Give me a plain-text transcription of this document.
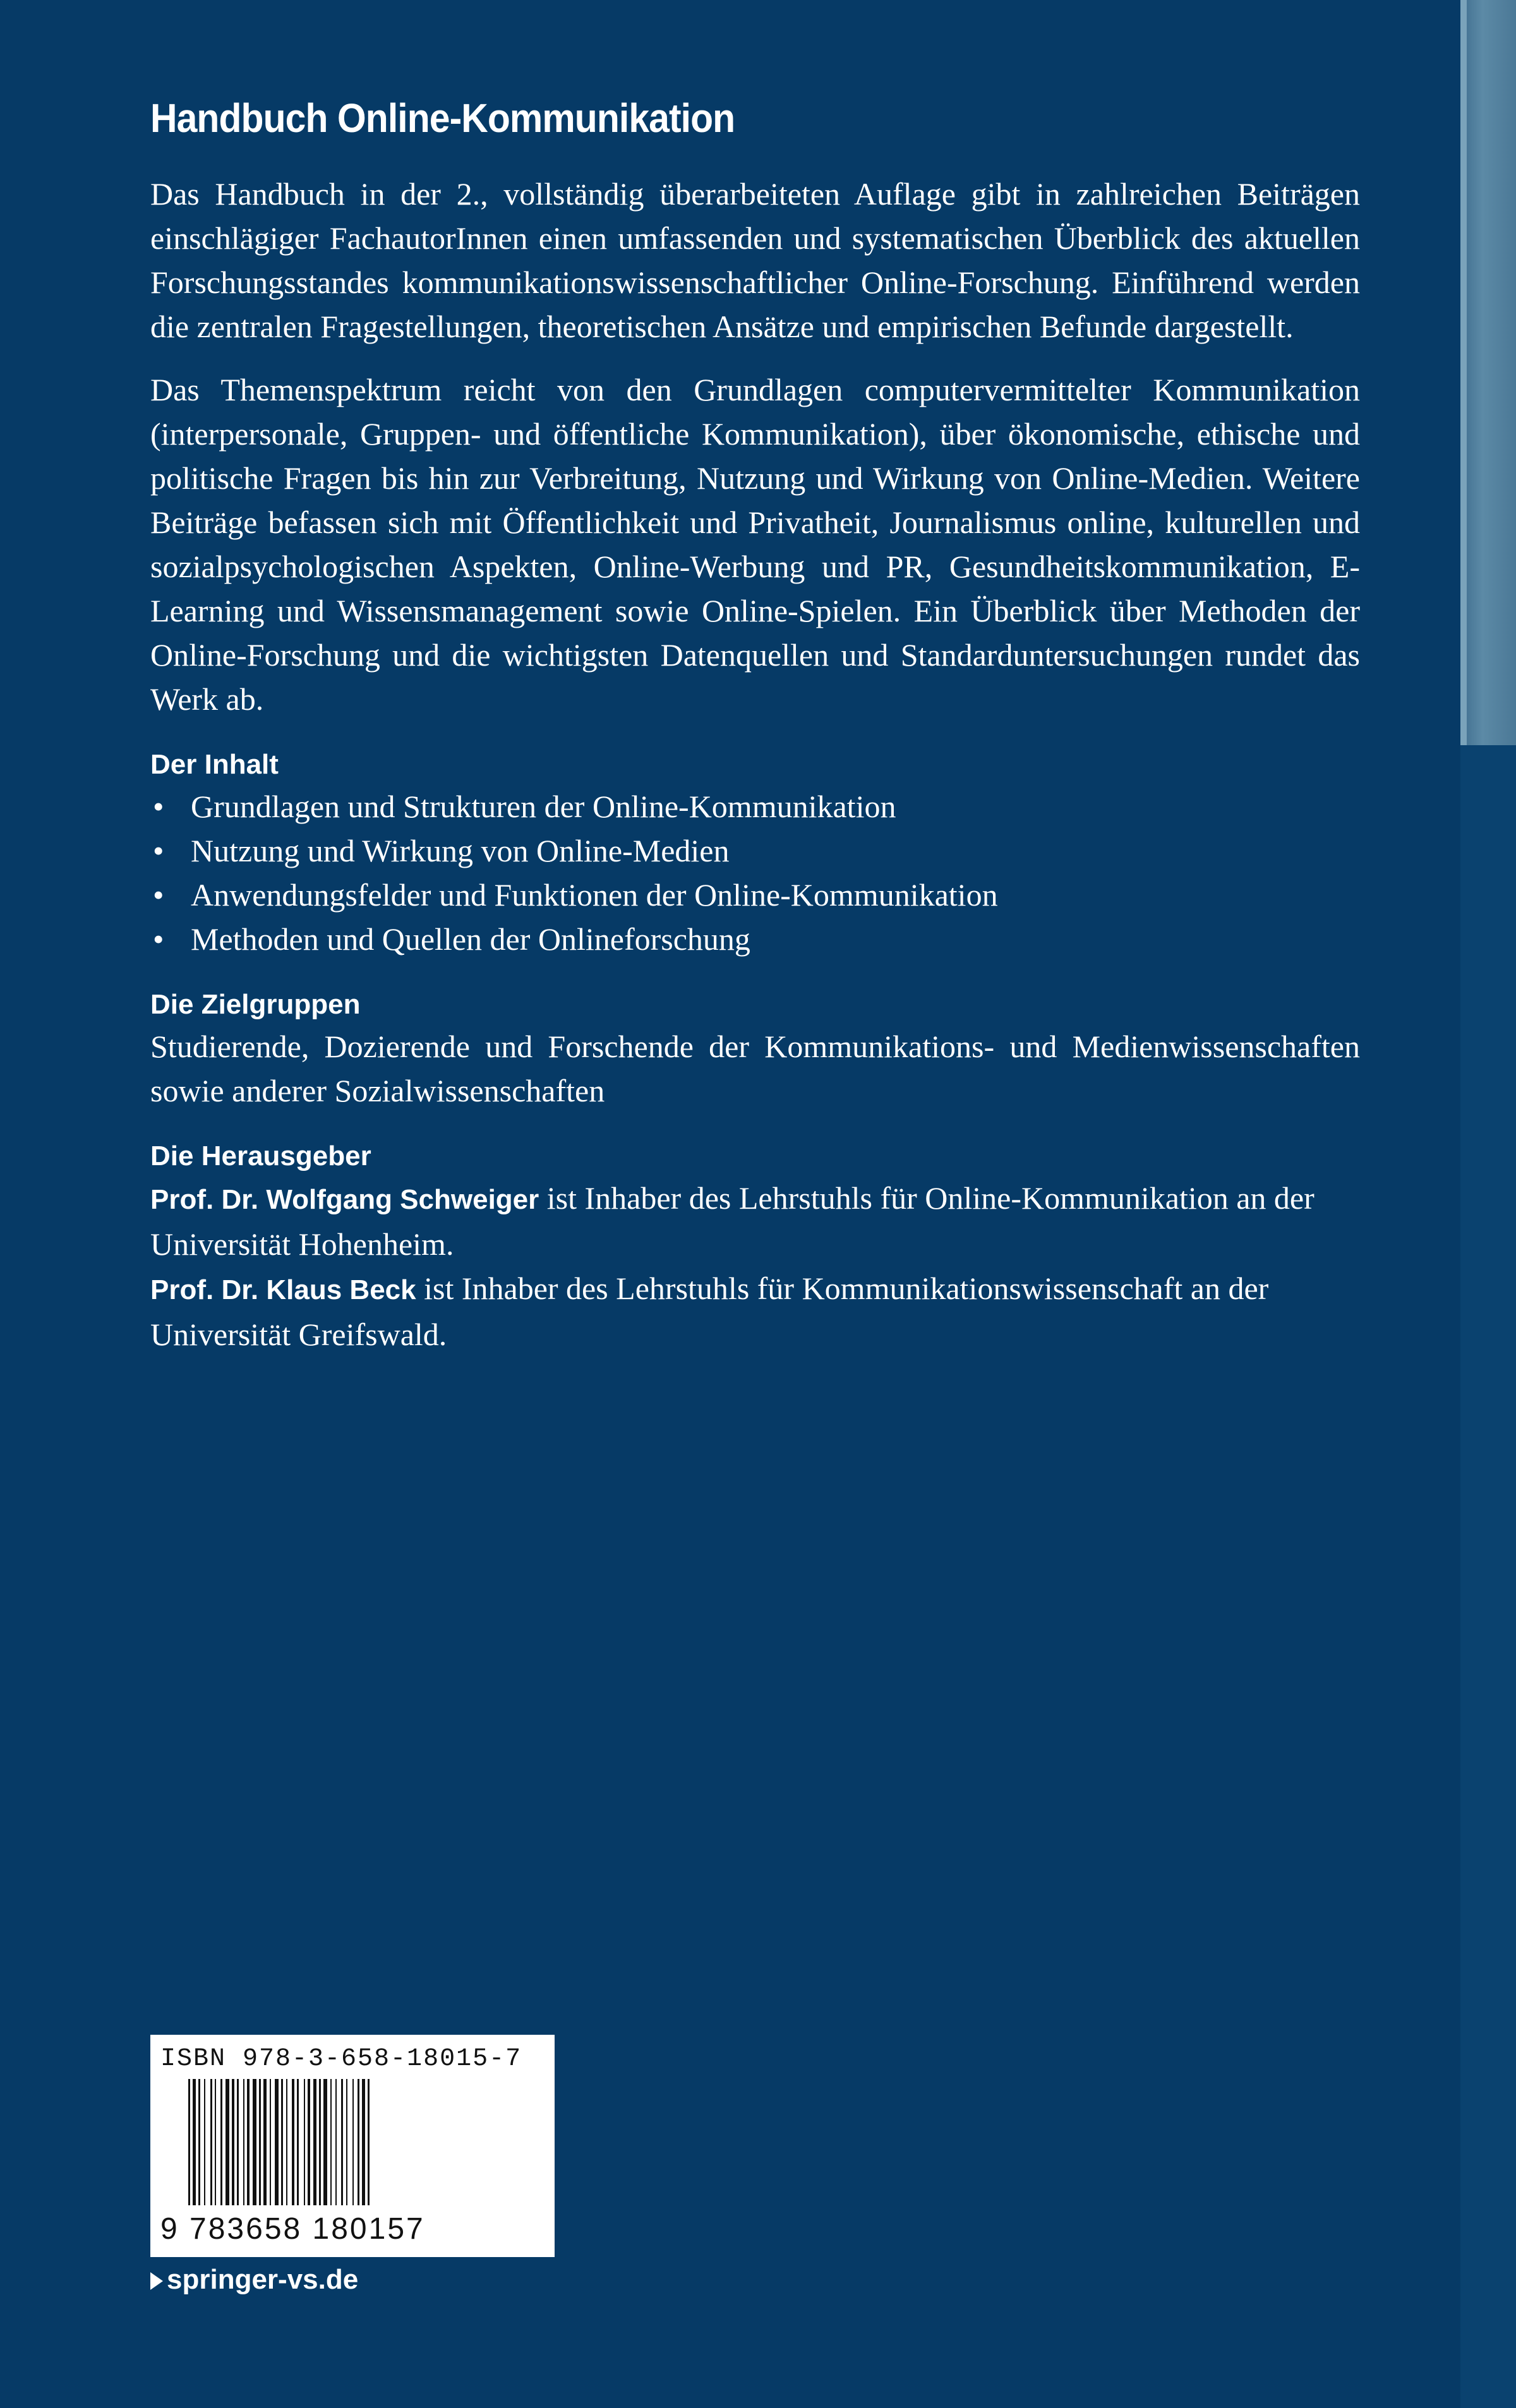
Handbuch Online-Kommunikation

Das Handbuch in der 2., vollständig überarbeiteten Auflage gibt in zahlreichen Beiträgen einschlägiger FachautorInnen einen umfassenden und systematischen Überblick des aktuellen Forschungsstandes kommunikationswissenschaftlicher Online-Forschung. Einführend werden die zentralen Fragestellungen, theoretischen Ansätze und empirischen Befunde dargestellt.

Das Themenspektrum reicht von den Grundlagen computervermittelter Kommunikation (interpersonale, Gruppen- und öffentliche Kommunikation), über ökonomische, ethische und politische Fragen bis hin zur Verbreitung, Nutzung und Wirkung von Online-Medien. Weitere Beiträge befassen sich mit Öffentlichkeit und Privatheit, Journalismus online, kulturellen und sozialpsychologischen Aspekten, Online-Werbung und PR, Gesundheitskommunikation, E-Learning und Wissensmanagement sowie Online-Spielen. Ein Überblick über Methoden der Online-Forschung und die wichtigsten Datenquellen und Standarduntersuchungen rundet das Werk ab.

Der Inhalt
• Grundlagen und Strukturen der Online-Kommunikation
• Nutzung und Wirkung von Online-Medien
• Anwendungsfelder und Funktionen der Online-Kommunikation
• Methoden und Quellen der Onlineforschung
Die Zielgruppen

Studierende, Dozierende und Forschende der Kommunikations- und Medienwissenschaften sowie anderer Sozialwissenschaften

Die Herausgeber

Prof. Dr. Wolfgang Schweiger ist Inhaber des Lehrstuhls für Online-Kommunikation an der Universität Hohenheim.

Prof. Dr. Klaus Beck ist Inhaber des Lehrstuhls für Kommunikationswissenschaft an der Universität Greifswald.

ISBN 978-3-658-18015-7
9 783658 180157
springer-vs.de
